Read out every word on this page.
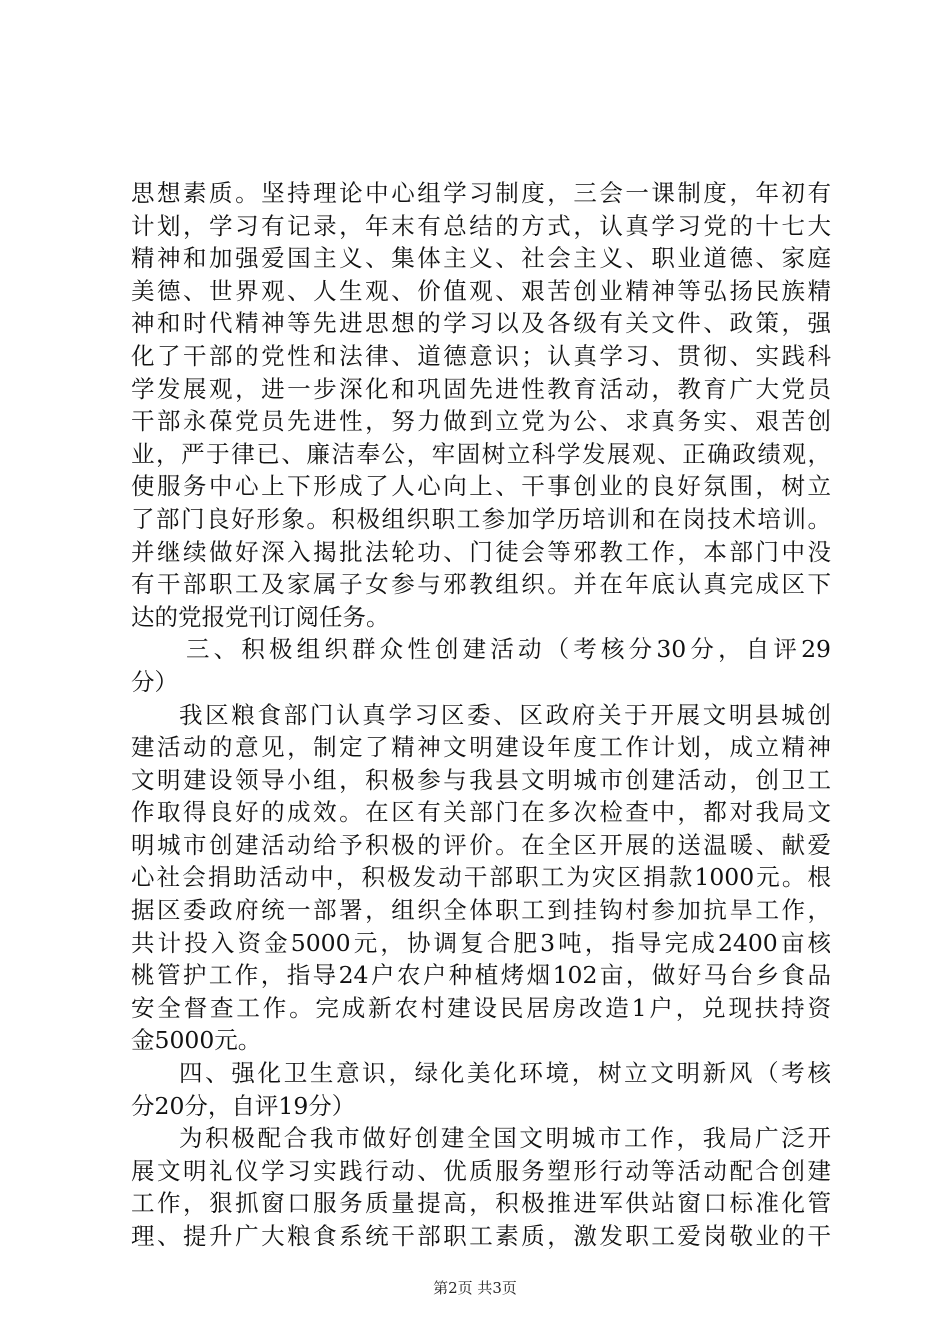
思想素质。坚持理论中心组学习制度，三会一课制度，年初有
计划，学习有记录，年末有总结的方式，认真学习党的十七大
精神和加强爱国主义、集体主义、社会主义、职业道德、家庭
美德、世界观、人生观、价值观、艰苦创业精神等弘扬民族精
神和时代精神等先进思想的学习以及各级有关文件、政策，强
化了干部的党性和法律、道德意识；认真学习、贯彻、实践科
学发展观，进一步深化和巩固先进性教育活动，教育广大党员
干部永葆党员先进性，努力做到立党为公、求真务实、艰苦创
业，严于律已、廉洁奉公，牢固树立科学发展观、正确政绩观，
使服务中心上下形成了人心向上、干事创业的良好氛围，树立
了部门良好形象。积极组织职工参加学历培训和在岗技术培训。
并继续做好深入揭批法轮功、门徒会等邪教工作，本部门中没
有干部职工及家属子女参与邪教组织。并在年底认真完成区下
达的党报党刊订阅任务。
三、积极组织群众性创建活动（考核分30分，自评29
分）
我区粮食部门认真学习区委、区政府关于开展文明县城创
建活动的意见，制定了精神文明建设年度工作计划，成立精神
文明建设领导小组，积极参与我县文明城市创建活动，创卫工
作取得良好的成效。在区有关部门在多次检查中，都对我局文
明城市创建活动给予积极的评价。在全区开展的送温暖、献爱
心社会捐助活动中，积极发动干部职工为灾区捐款1000元。根
据区委政府统一部署，组织全体职工到挂钩村参加抗旱工作，
共计投入资金5000元，协调复合肥3吨，指导完成2400亩核
桃管护工作，指导24户农户种植烤烟102亩，做好马台乡食品
安全督查工作。完成新农村建设民居房改造1户，兑现扶持资
金5000元。
四、强化卫生意识，绿化美化环境，树立文明新风（考核
分20分，自评19分）
为积极配合我市做好创建全国文明城市工作，我局广泛开
展文明礼仪学习实践行动、优质服务塑形行动等活动配合创建
工作，狠抓窗口服务质量提高，积极推进军供站窗口标准化管
理、提升广大粮食系统干部职工素质，激发职工爱岗敬业的干
第2页 共3页
